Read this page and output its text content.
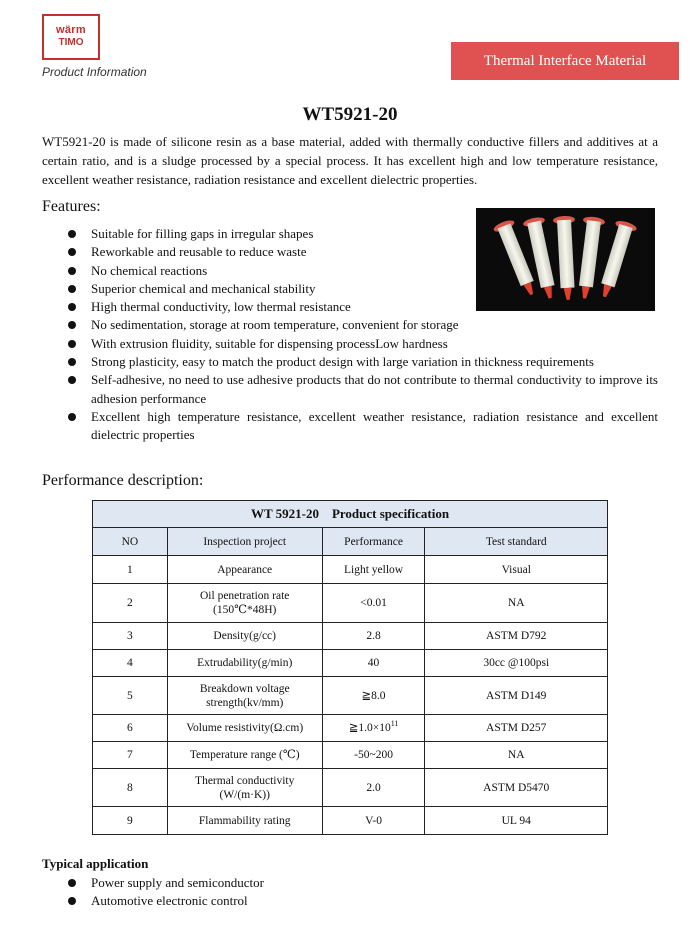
wärm
TIMO
Product Information
Thermal Interface Material
WT5921-20

WT5921-20 is made of silicone resin as a base material, added with thermally conductive fillers and additives at a certain ratio, and is a sludge processed by a special process. It has excellent high and low temperature resistance, excellent weather resistance, radiation resistance and excellent dielectric properties.

Features:
Suitable for filling gaps in irregular shapes
Reworkable and reusable to reduce waste
No chemical reactions
Superior chemical and mechanical stability
High thermal conductivity, low thermal resistance
No sedimentation, storage at room temperature, convenient for storage
With extrusion fluidity, suitable for dispensing processLow hardness
Strong plasticity, easy to match the product design with large variation in thickness requirements
Self-adhesive, no need to use adhesive products that do not contribute to thermal conductivity to improve its adhesion performance
Excellent high temperature resistance, excellent weather resistance, radiation resistance and excellent dielectric properties
Performance description:
WT 5921-20    Product specification			
NO	Inspection project	Performance	Test standard
1	Appearance	Light yellow	Visual
2	Oil penetration rate (150℃*48H)	<0.01	NA
3	Density(g/cc)	2.8	ASTM D792
4	Extrudability(g/min)	40	30cc @100psi
5	Breakdown voltage strength(kv/mm)	≧8.0	ASTM D149
6	Volume resistivity(Ω.cm)	$≧1.0\times 10^{11}$	ASTM D257
7	Temperature range (℃)	-50~200	NA
8	Thermal conductivity (W/(m·K))	2.0	ASTM D5470
9	Flammability rating	V-0	UL 94
Typical application
Power supply and semiconductor
Automotive electronic control
